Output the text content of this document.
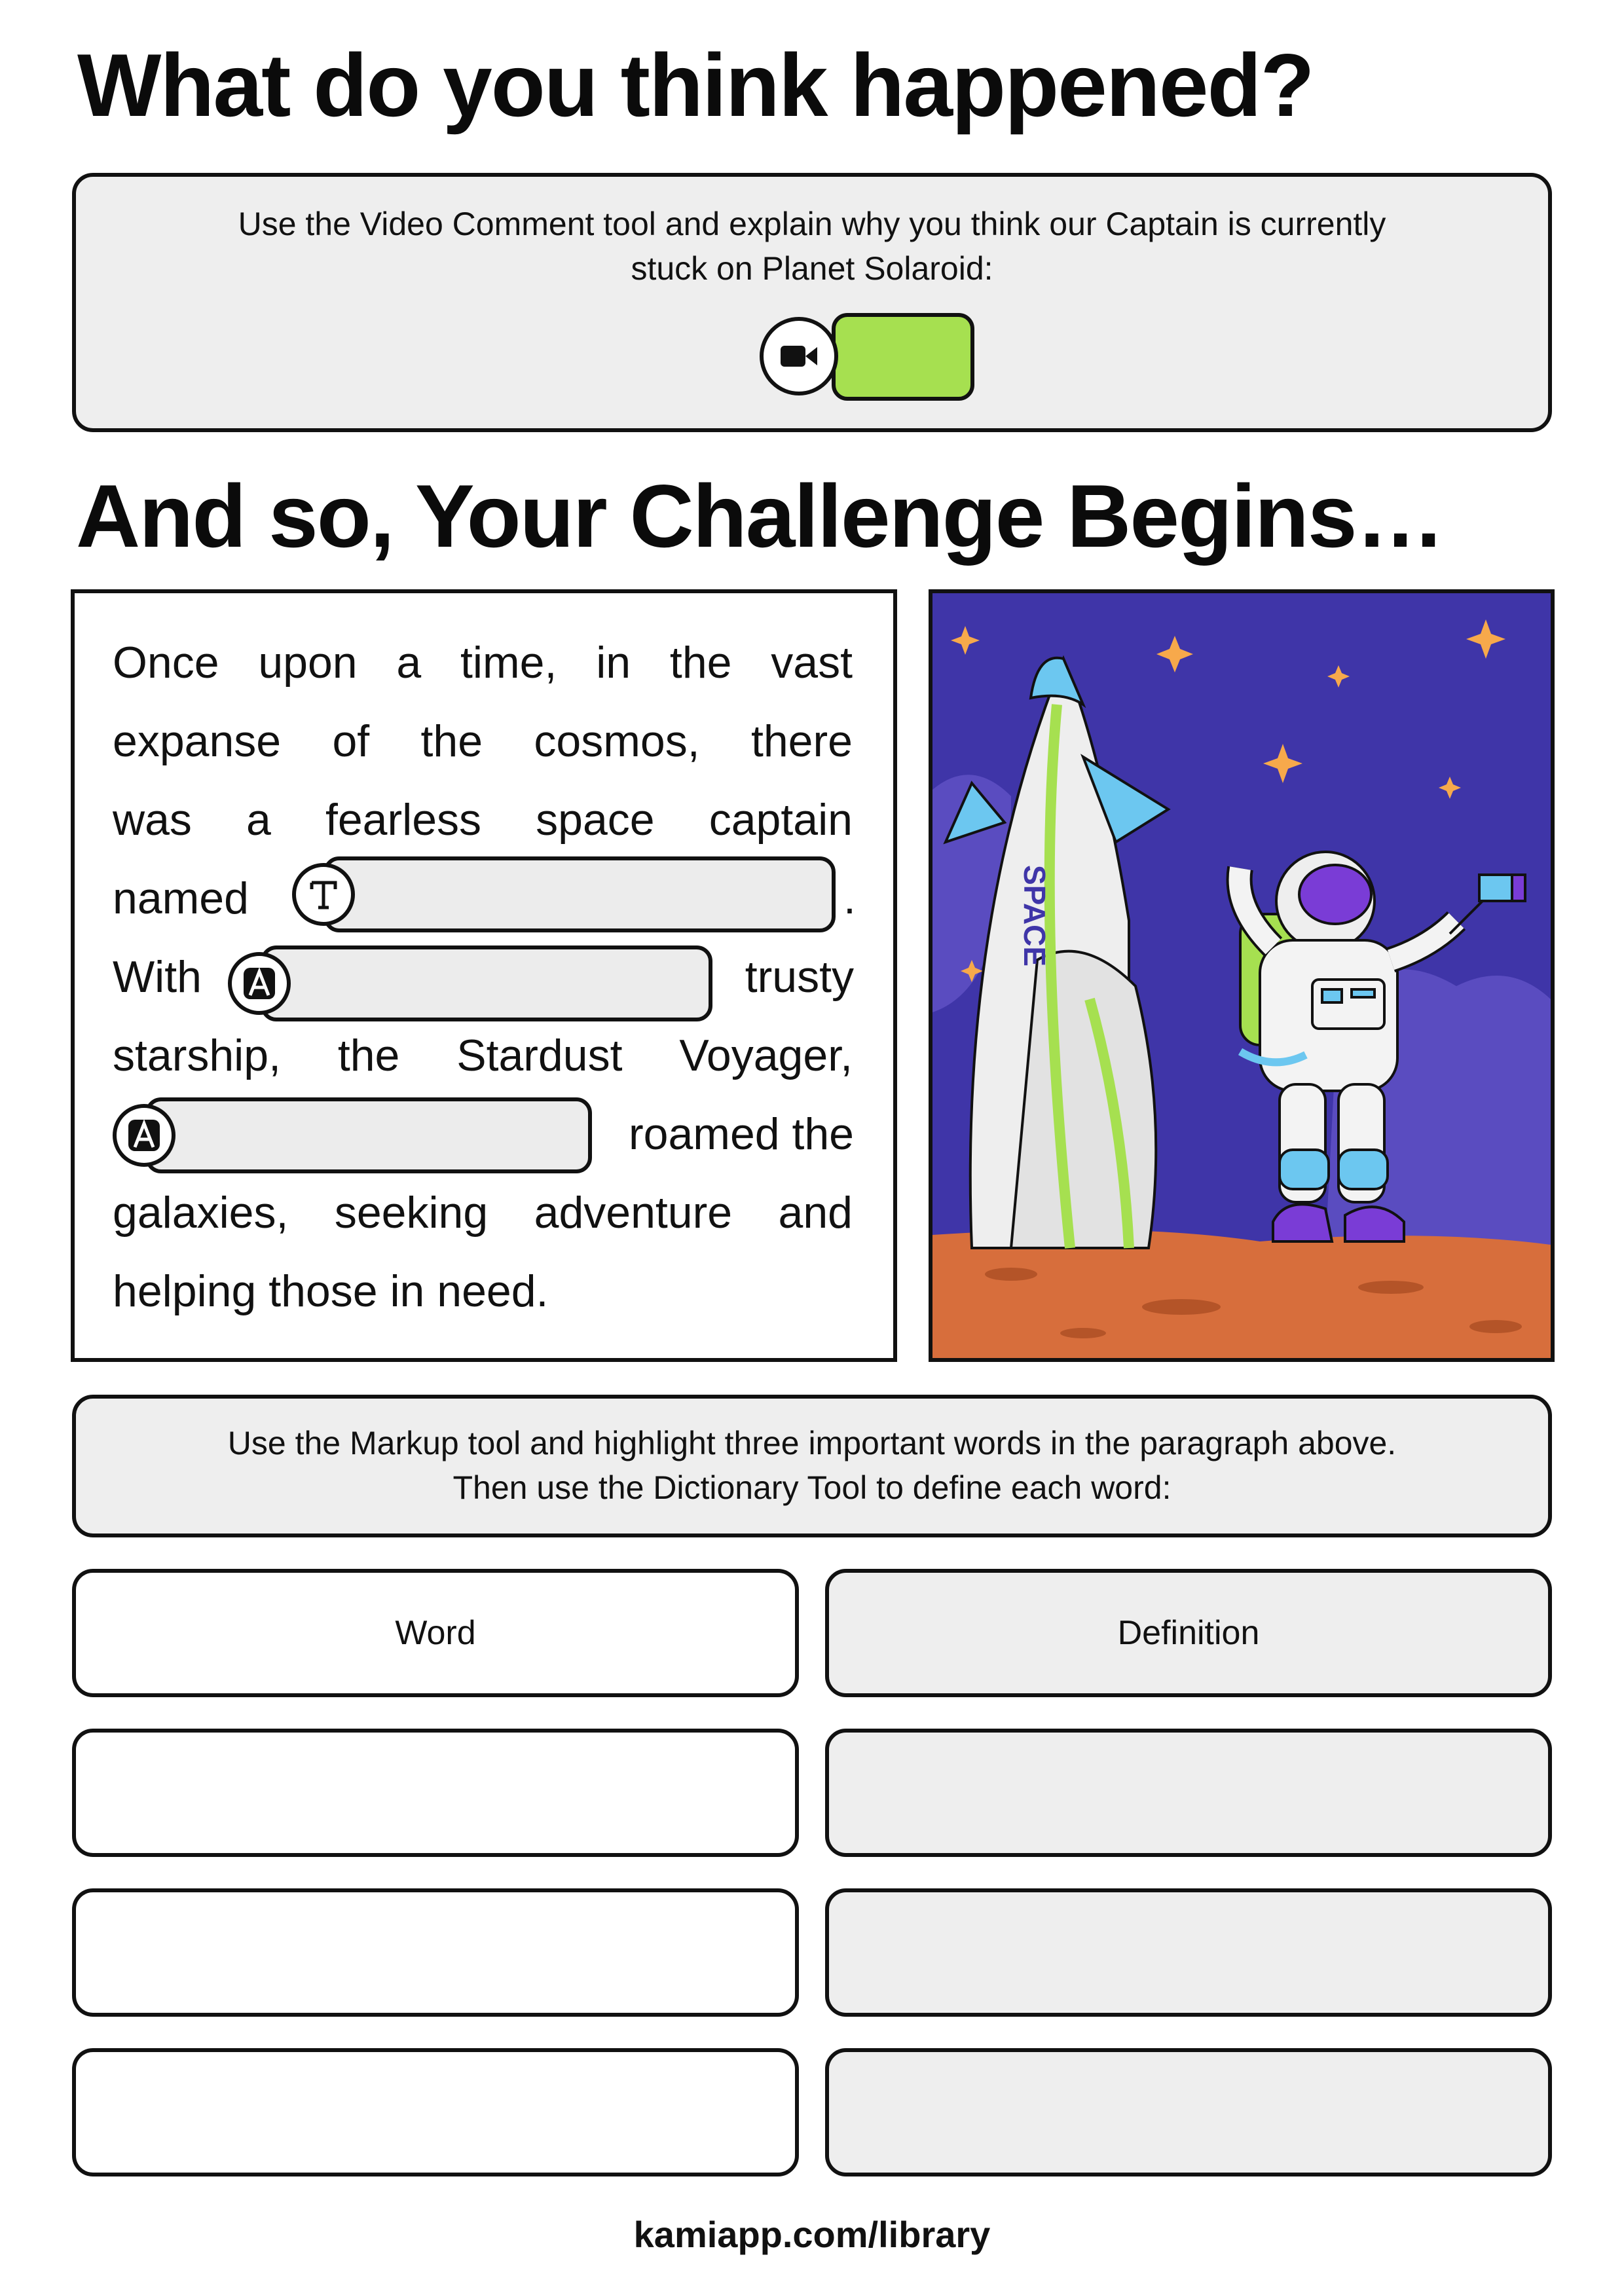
What do you think happened?
Use the Video Comment tool and explain why you think our Captain is currently
stuck on Planet Solaroid:
And so, Your Challenge Begins…
Once upon a time, in the vast
expanse of the cosmos, there
was a fearless space captain
named	.
With	trusty
starship, the Stardust Voyager,
roamed the
galaxies, seeking adventure and
helping those in need.
SPACE
Use the Markup tool and highlight three important words in the paragraph above.
Then use the Dictionary Tool to define each word:
Word	Definition
kamiapp.com/library
